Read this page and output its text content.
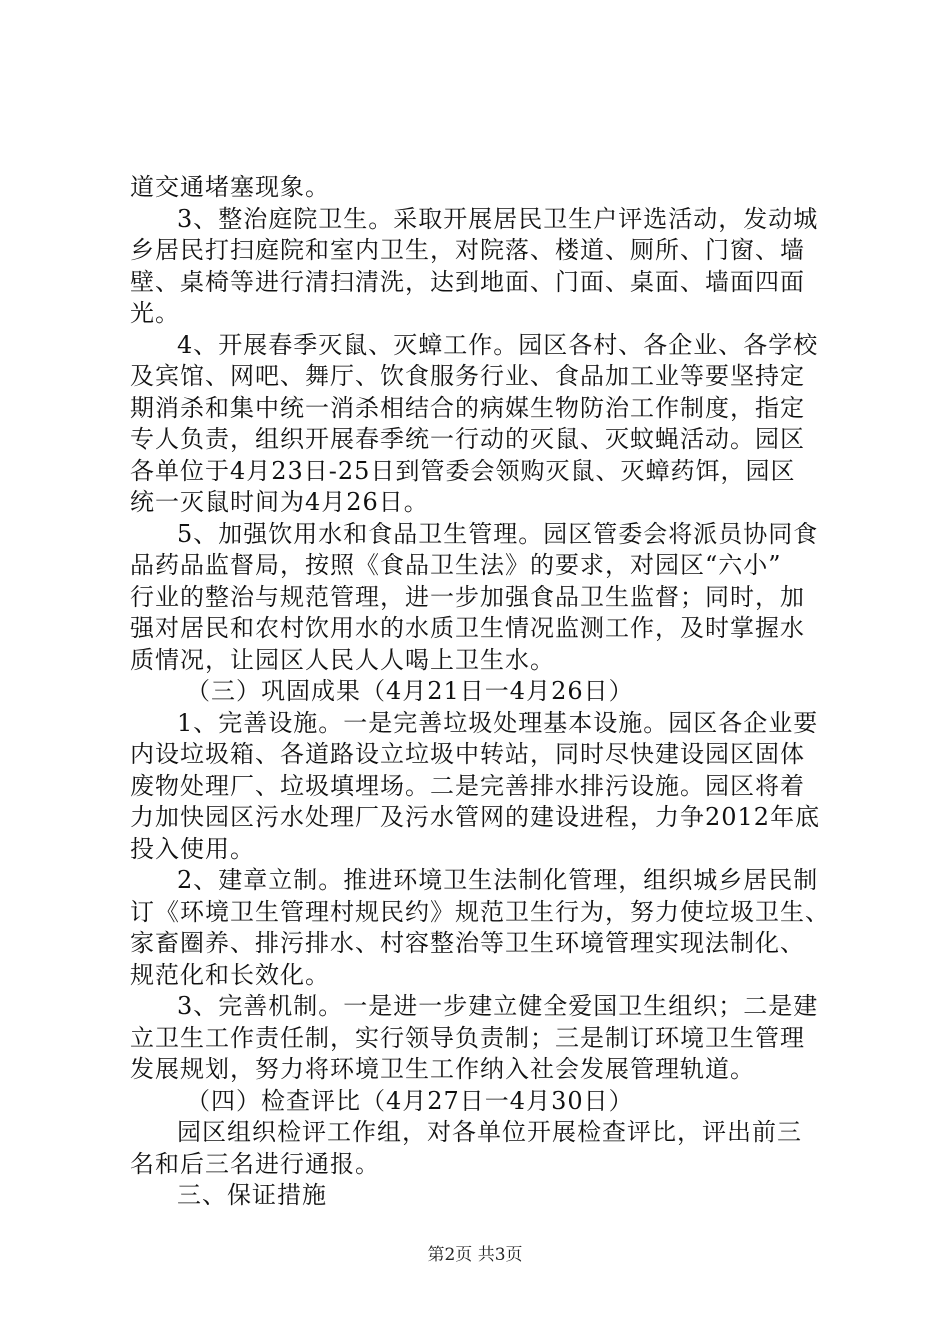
道交通堵塞现象。
3、整治庭院卫生。采取开展居民卫生户评选活动，发动城
乡居民打扫庭院和室内卫生，对院落、楼道、厕所、门窗、墙
壁、桌椅等进行清扫清洗，达到地面、门面、桌面、墙面四面
光。
4、开展春季灭鼠、灭蟑工作。园区各村、各企业、各学校
及宾馆、网吧、舞厅、饮食服务行业、食品加工业等要坚持定
期消杀和集中统一消杀相结合的病媒生物防治工作制度，指定
专人负责，组织开展春季统一行动的灭鼠、灭蚊蝇活动。园区
各单位于4月23日-25日到管委会领购灭鼠、灭蟑药饵，园区
统一灭鼠时间为4月26日。
5、加强饮用水和食品卫生管理。园区管委会将派员协同食
品药品监督局，按照《食品卫生法》的要求，对园区“六小”
行业的整治与规范管理，进一步加强食品卫生监督；同时，加
强对居民和农村饮用水的水质卫生情况监测工作，及时掌握水
质情况，让园区人民人人喝上卫生水。
（三）巩固成果（4月21日一4月26日）
1、完善设施。一是完善垃圾处理基本设施。园区各企业要
内设垃圾箱、各道路设立垃圾中转站，同时尽快建设园区固体
废物处理厂、垃圾填埋场。二是完善排水排污设施。园区将着
力加快园区污水处理厂及污水管网的建设进程，力争2012年底
投入使用。
2、建章立制。推进环境卫生法制化管理，组织城乡居民制
订《环境卫生管理村规民约》规范卫生行为，努力使垃圾卫生、
家畜圈养、排污排水、村容整治等卫生环境管理实现法制化、
规范化和长效化。
3、完善机制。一是进一步建立健全爱国卫生组织；二是建
立卫生工作责任制，实行领导负责制；三是制订环境卫生管理
发展规划，努力将环境卫生工作纳入社会发展管理轨道。
（四）检查评比（4月27日一4月30日）
园区组织检评工作组，对各单位开展检查评比，评出前三
名和后三名进行通报。
三、保证措施
第2页 共3页
